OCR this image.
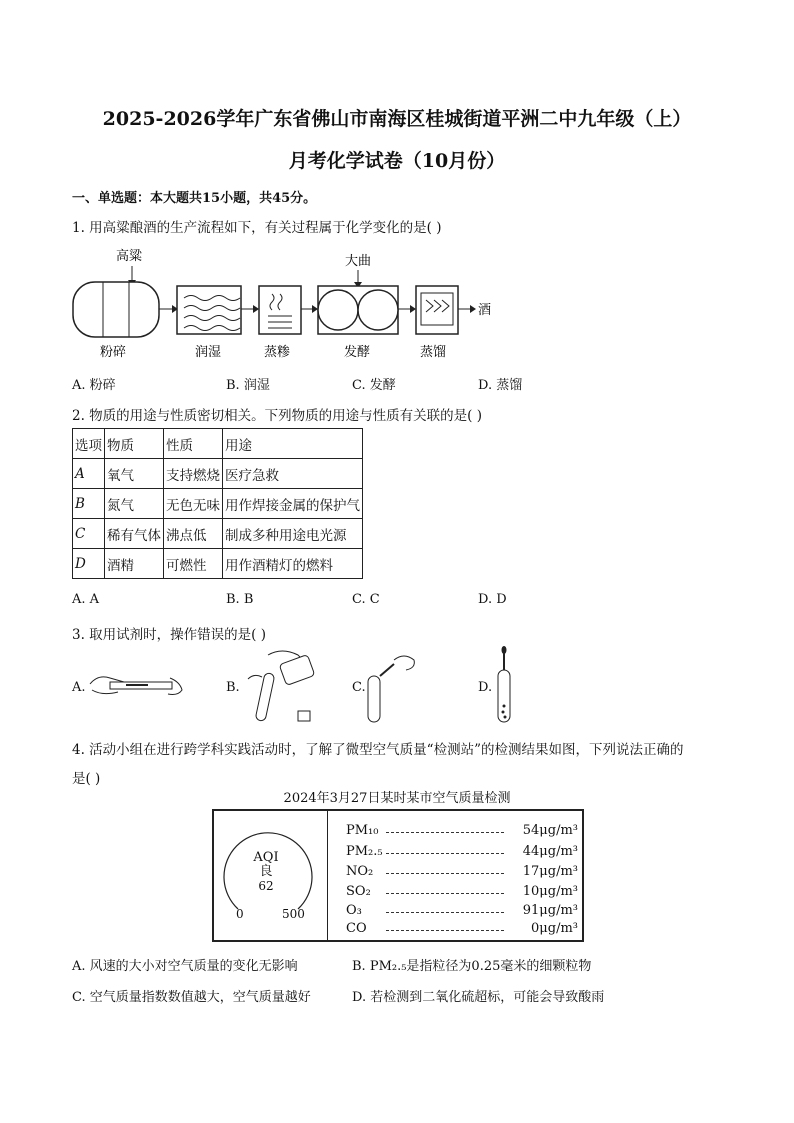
2025-2026学年广东省佛山市南海区桂城街道平洲二中九年级（上）
月考化学试卷（10月份）
一、单选题：本大题共15小题，共45分。
1. 用高粱酿酒的生产流程如下，有关过程属于化学变化的是( )
高粱	大曲
酒
粉碎	润湿	蒸糁	发酵	蒸馏
A. 粉碎	B. 润湿	C. 发酵	D. 蒸馏
2. 物质的用途与性质密切相关。下列物质的用途与性质有关联的是( )
选项	物质	性质	用途
A	氧气	支持燃烧	医疗急救
B	氮气	无色无味	用作焊接金属的保护气
C	稀有气体	沸点低	制成多种用途电光源
D	酒精	可燃性	用作酒精灯的燃料
A. A	B. B	C. C	D. D
3. 取用试剂时，操作错误的是( )
A.	B.	C.	D.
4. 活动小组在进行跨学科实践活动时，了解了微型空气质量“检测站”的检测结果如图，下列说法正确的
是( )
2024年3月27日某时某市空气质量检测
AQI
良
62
0	500
PM₁₀	54μg/m³
PM₂.₅	44μg/m³
NO₂	17μg/m³
SO₂	10μg/m³
O₃	91μg/m³
CO	0μg/m³
A. 风速的大小对空气质量的变化无影响	B. PM₂.₅是指粒径为0.25毫米的细颗粒物
C. 空气质量指数数值越大，空气质量越好	D. 若检测到二氧化硫超标，可能会导致酸雨
